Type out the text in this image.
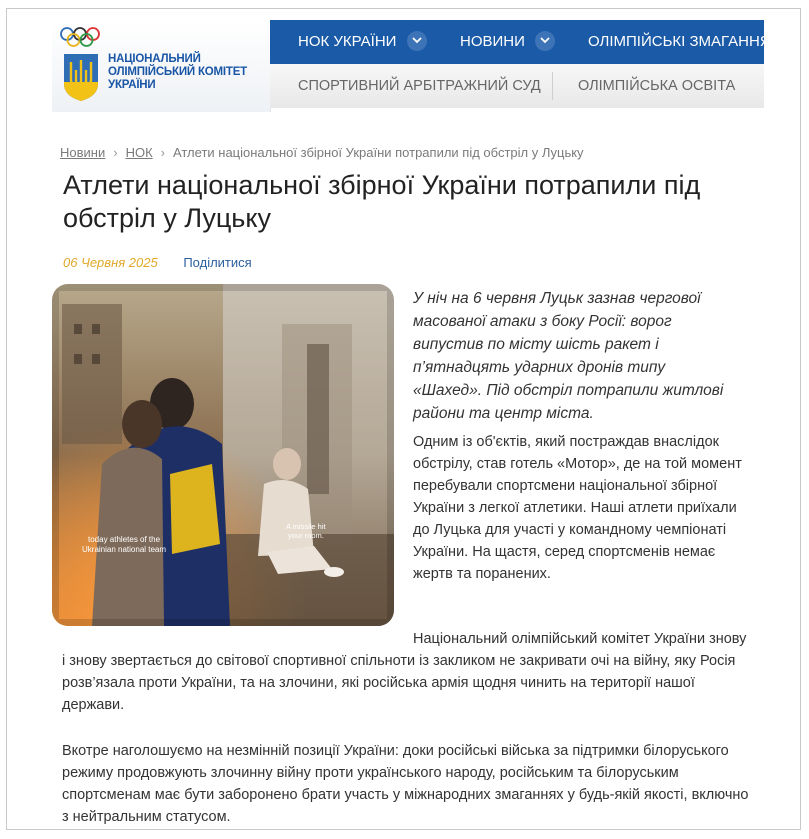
НАЦІОНАЛЬНИЙ
ОЛІМПІЙСЬКИЙ КОМІТЕТ
УКРАЇНИ
НОК УКРАЇНИ	НОВИНИ	ОЛІМПІЙСЬКІ ЗМАГАННЯ
СПОРТИВНИЙ АРБІТРАЖНИЙ СУД	ОЛІМПІЙСЬКА ОСВІТА
Новини › НОК › Атлети національної збірної України потрапили під обстріл у Луцьку
Атлети національної збірної України потрапили під обстріл у Луцьку
06 Червня 2025 Поділитися
today athletes of the
Ukrainian national team
A missile hit
your room.
У ніч на 6 червня Луцьк зазнав чергової масованої атаки з боку Росії: ворог випустив по місту шість ракет і п’ятнадцять ударних дронів типу «Шахед». Під обстріл потрапили житлові райони та центр міста.
Одним із об'єктів, який постраждав внаслідок обстрілу, став готель «Мотор», де на той момент перебували спортсмени національної збірної України з легкої атлетики. Наші атлети приїхали до Луцька для участі у командному чемпіонаті України. На щастя, серед спортсменів немає жертв та поранених.
Національний олімпійський комітет України знову і знову звертається до світової спортивної спільноти із закликом не закривати очі на війну, яку Росія розв’язала проти України, та на злочини, які російська армія щодня чинить на території нашої держави.
Вкотре наголошуємо на незмінній позиції України: доки російські війська за підтримки білоруського режиму продовжують злочинну війну проти українського народу, російським та білоруським спортсменам має бути заборонено брати участь у міжнародних змаганнях у будь-якій якості, включно з нейтральним статусом.
